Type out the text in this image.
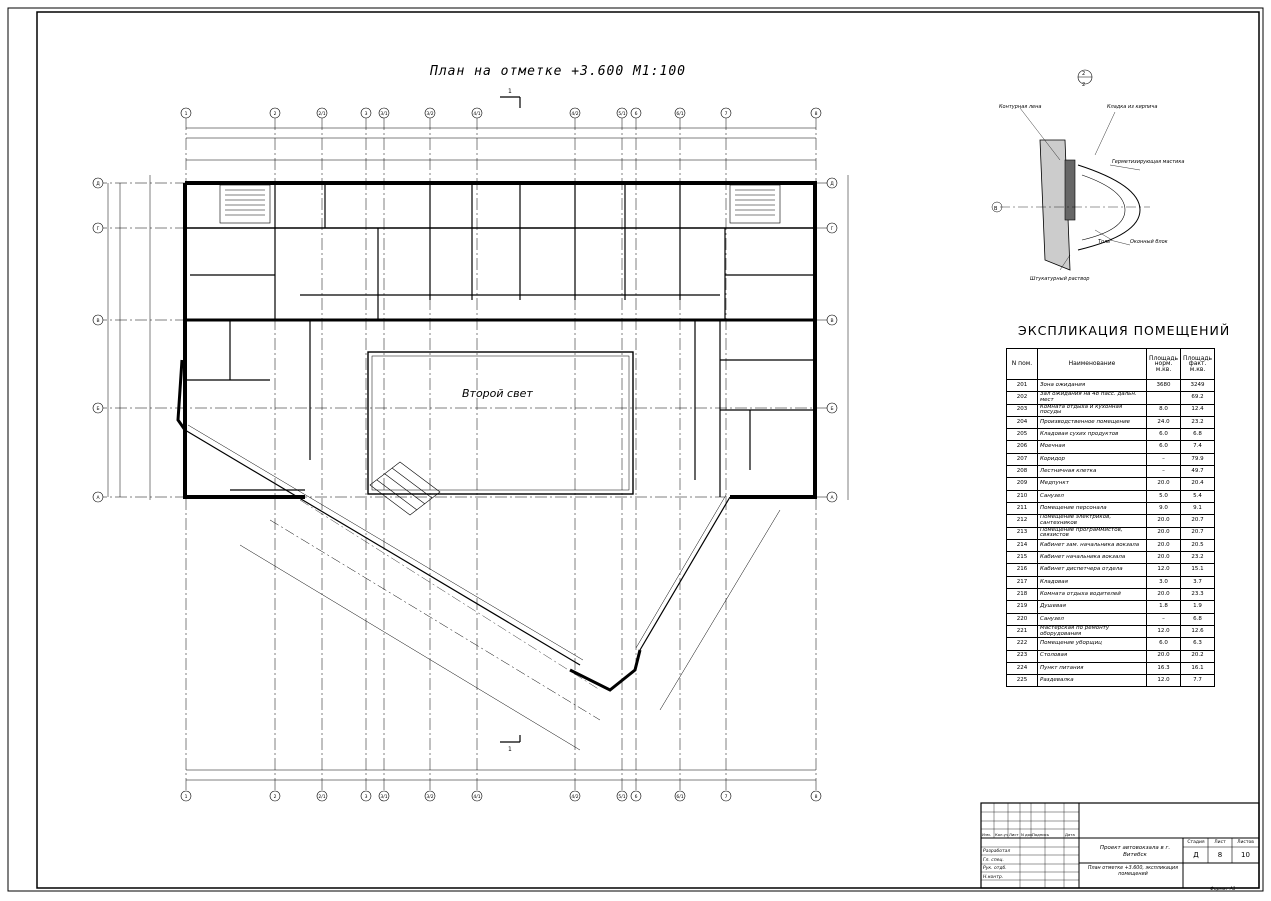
1
1
Второй свет
2
2
В
Контурная лена	Кладка из кирпича
Герметизирующая мастика
Толь	Оконный блок
Штукатурный раствор
1
1
2
2
2/1
2/1
3
3
3/1
3/1
3/2
3/2
4/1
4/1
4/2
4/2
5/1
5/1
6
6
6/1
6/1
7
7
8
8
Д	Д
Г	Г
В	В
Б	Б
А	А
План на отметке +3.600 М1:100
ЭКСПЛИКАЦИЯ ПОМЕЩЕНИЙ
N пом.	Наименование	Площадь норм. м.кв.	Площадь факт. м.кв.
201	Зона ожидания	3680	3249
202	Зал ожидания на 48 пасс. дальн. мест		69.2
203	Комната отдыха и кухонная посуды	8.0	12.4
204	Производственное помещение	24.0	23.2
205	Кладовая сухих продуктов	6.0	6.8
206	Моечная	6.0	7.4
207	Коридор	–	79.9
208	Лестничная клетка	–	49.7
209	Медпункт	20.0	20.4
210	Санузел	5.0	5.4
211	Помещение персонала	9.0	9.1
212	Помещение электриков, сантехников	20.0	20.7
213	Помещение программистов, связистов	20.0	20.7
214	Кабинет зам. начальника вокзала	20.0	20.5
215	Кабинет начальника вокзала	20.0	23.2
216	Кабинет диспетчера отдела	12.0	15.1
217	Кладовая	3.0	3.7
218	Комната отдыха водителей	20.0	23.3
219	Душевая	1.8	1.9
220	Санузел	–	6.8
221	Мастерская по ремонту оборудования	12.0	12.6
222	Помещение уборщиц	6.0	6.3
223	Столовая	20.0	20.2
224	Пункт питания	16.3	16.1
225	Раздевалка	12.0	7.7
Проект автовокзала в г. Витебск
План отметке +3.600, экспликация помещений
Стадия	Лист	Листов
Д	8	10
Разработал
Гл. спец.
Рук. отдб.
Н.контр.
Изм. Кол.уч Лист N док.
Подпись	Дата
Формат А1
